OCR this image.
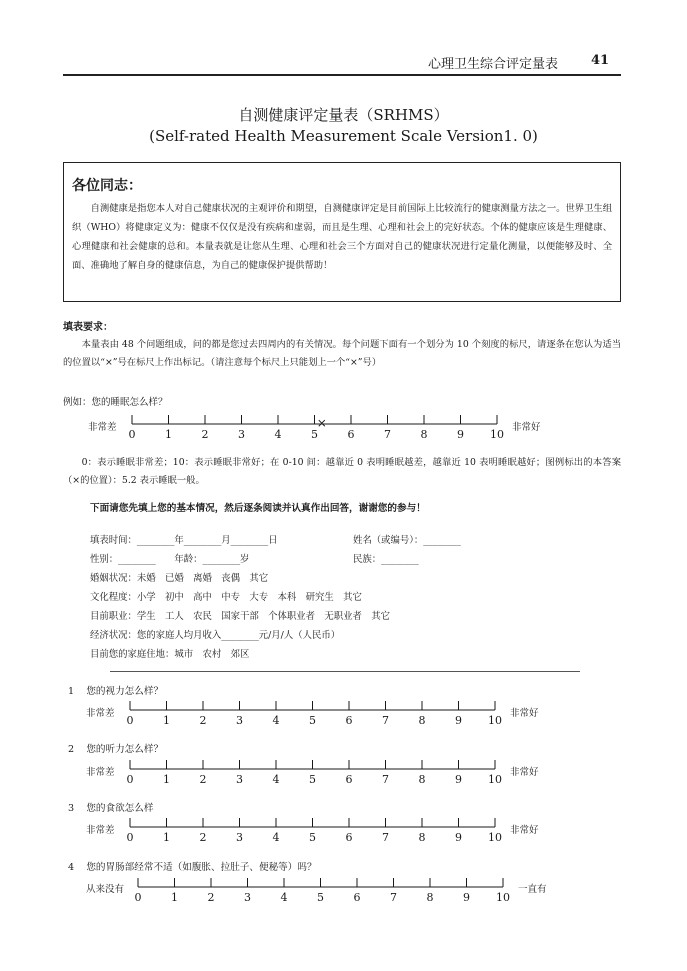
心理卫生综合评定量表	41
自测健康评定量表（SRHMS）
(Self-rated Health Measurement Scale Version1. 0)
各位同志：
自测健康是指您本人对自己健康状况的主观评价和期望，自测健康评定是目前国际上比较流行的健康测量方法之一。世界卫生组织（WHO）将健康定义为：健康不仅仅是没有疾病和虚弱，而且是生理、心理和社会上的完好状态。个体的健康应该是生理健康、心理健康和社会健康的总和。本量表就是让您从生理、心理和社会三个方面对自己的健康状况进行定量化测量，以便能够及时、全面、准确地了解自身的健康信息，为自己的健康保护提供帮助！
填表要求：
本量表由 48 个问题组成，问的都是您过去四周内的有关情况。每个问题下面有一个划分为 10 个刻度的标尺，请逐条在您认为适当的位置以“×”号在标尺上作出标记。（请注意每个标尺上只能划上一个“×”号）
例如：您的睡眠怎么样？
非常差
0	1	2	3	4	5	6	7	8	9 10
×	非常好
0：表示睡眠非常差；10：表示睡眠非常好；在 0-10 间：越靠近 0 表明睡眠越差，越靠近 10 表明睡眠越好；图例标出的本答案（×的位置）：5.2 表示睡眠一般。
下面请您先填上您的基本情况，然后逐条阅读并认真作出回答，谢谢您的参与！
填表时间：________年________月________日	姓名（或编号）：________
性别：________　　年龄：________岁	民族：________
婚姻状况：未婚　已婚　离婚　丧偶　其它
文化程度：小学　初中　高中　中专　大专　本科　研究生　其它
目前职业：学生　工人　农民　国家干部　个体职业者　无职业者　其它
经济状况：您的家庭人均月收入________元/月/人（人民币）
目前您的家庭住地：城市　农村　郊区
1 您的视力怎么样？
非常差
0	1	2	3	4	5	6	7	8	9 10
非常好
2 您的听力怎么样？
非常差
0	1	2	3	4	5	6	7	8	9 10
非常好
3 您的食欲怎么样
非常差
0	1	2	3	4	5	6	7	8	9 10
非常好
4 您的胃肠部经常不适（如腹胀、拉肚子、便秘等）吗？
从来没有
0	1	2	3	4	5	6	7	8	9 10
一直有
